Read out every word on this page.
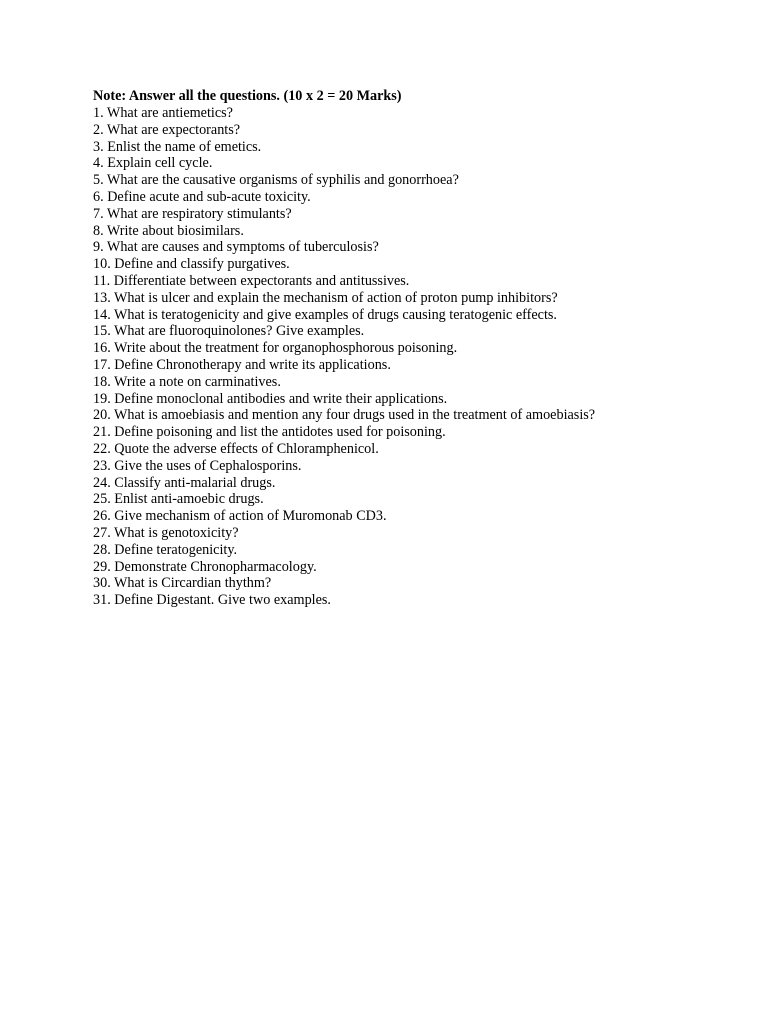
Note: Answer all the questions. (10 x 2 = 20 Marks)
1. What are antiemetics?
2. What are expectorants?
3. Enlist the name of emetics.
4. Explain cell cycle.
5. What are the causative organisms of syphilis and gonorrhoea?
6. Define acute and sub-acute toxicity.
7. What are respiratory stimulants?
8. Write about biosimilars.
9. What are causes and symptoms of tuberculosis?
10. Define and classify purgatives.
11. Differentiate between expectorants and antitussives.
13. What is ulcer and explain the mechanism of action of proton pump inhibitors?
14. What is teratogenicity and give examples of drugs causing teratogenic effects.
15. What are fluoroquinolones? Give examples.
16. Write about the treatment for organophosphorous poisoning.
17. Define Chronotherapy and write its applications.
18. Write a note on carminatives.
19. Define monoclonal antibodies and write their applications.
20. What is amoebiasis and mention any four drugs used in the treatment of amoebiasis?
21. Define poisoning and list the antidotes used for poisoning.
22. Quote the adverse effects of Chloramphenicol.
23. Give the uses of Cephalosporins.
24. Classify anti-malarial drugs.
25. Enlist anti-amoebic drugs.
26. Give mechanism of action of Muromonab CD3.
27. What is genotoxicity?
28. Define teratogenicity.
29. Demonstrate Chronopharmacology.
30. What is Circardian thythm?
31. Define Digestant. Give two examples.
